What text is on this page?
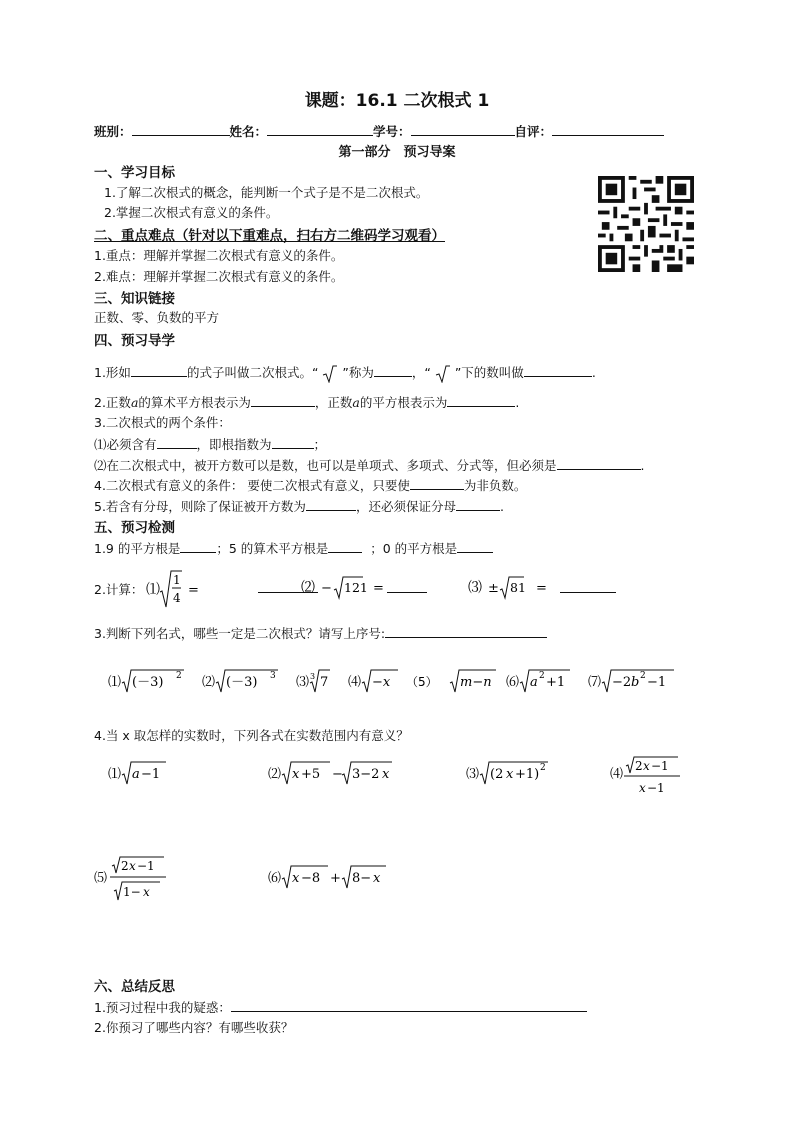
课题：16.1 二次根式 1
班别：	姓名：	学号：	自评：
第一部分　预习导案
一、学习目标
1.了解二次根式的概念，能判断一个式子是不是二次根式。
2.掌握二次根式有意义的条件。
二、重点难点（针对以下重难点，扫右方二维码学习观看）
1.重点：理解并掌握二次根式有意义的条件。
2.难点：理解并掌握二次根式有意义的条件。
三、知识链接
正数、零、负数的平方
四、预习导学
1.形如	的式子叫做二次根式。“ ”称为	，“ ”下的数叫做	.
2.正数a的算术平方根表示为	，正数a的平方根表示为	.
3.二次根式的两个条件：
⑴必须含有	，即根指数为	；
⑵在二次根式中，被开方数可以是数，也可以是单项式、多项式、分式等，但必须是	.
4.二次根式有意义的条件： 要使二次根式有意义，只要使	为非负数。
5.若含有分母，则除了保证被开方数为	，还必须保证分母	.
五、预习检测
1.9 的平方根是	；5 的算术平方根是	；0 的平方根是
2.计算： ⑴
1
4 =	⑵ − 121 =	⑶ ± 81 =
3.判断下列名式，哪些一定是二次根式？请写上序号:
⑴ (－3) 2 ⑵ (－3) 3 ⑶ 3 7 ⑷ −x （5） m−n ⑹ a 2 +1 ⑺ −2 b 2 −1
4.当 x 取怎样的实数时，下列各式在实数范围内有意义？
⑴ a −1	⑵ x +5 − 3−2 x	⑶ (2 x +1) 2	⑷
2 x −1
x −1
⑸
2 x −1
1− x
⑹ x −8 + 8− x
六、总结反思
1.预习过程中我的疑惑：
2.你预习了哪些内容？有哪些收获？
